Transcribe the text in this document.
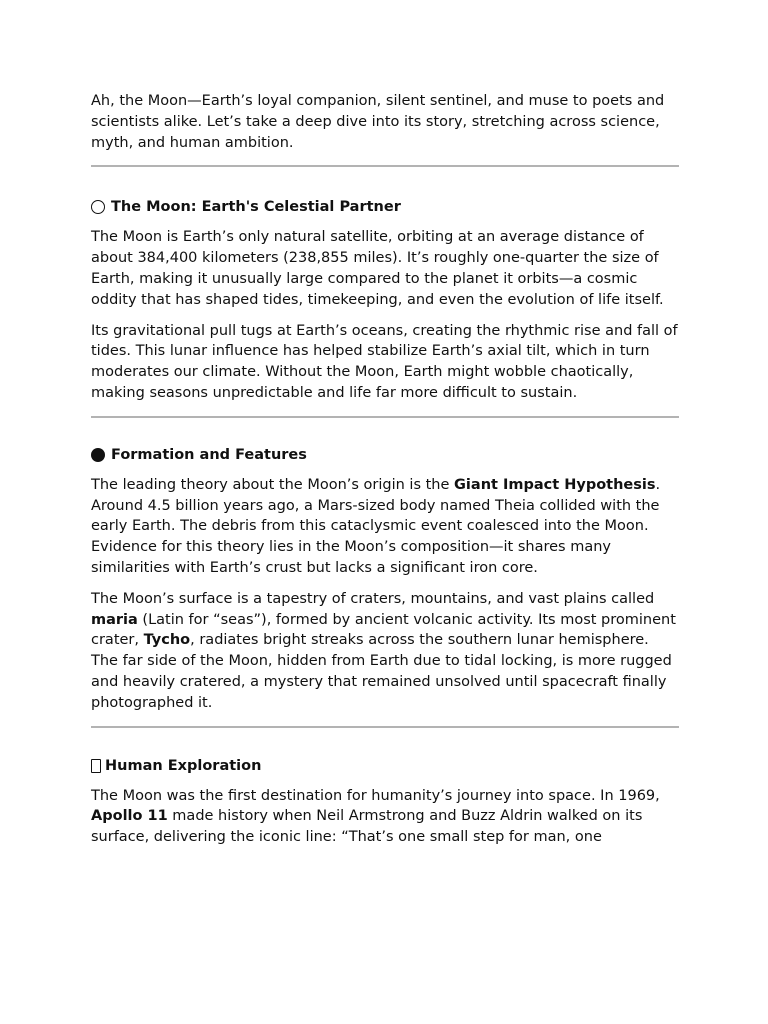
Ah, the Moon—Earth’s loyal companion, silent sentinel, and muse to poets and scientists alike. Let’s take a deep dive into its story, stretching across science, myth, and human ambition.

The Moon: Earth's Celestial Partner

The Moon is Earth’s only natural satellite, orbiting at an average distance of about 384,400 kilometers (238,855 miles). It’s roughly one-quarter the size of Earth, making it unusually large compared to the planet it orbits—a cosmic oddity that has shaped tides, timekeeping, and even the evolution of life itself.

Its gravitational pull tugs at Earth’s oceans, creating the rhythmic rise and fall of tides. This lunar influence has helped stabilize Earth’s axial tilt, which in turn moderates our climate. Without the Moon, Earth might wobble chaotically, making seasons unpredictable and life far more difficult to sustain.

Formation and Features

The leading theory about the Moon’s origin is the Giant Impact Hypothesis. Around 4.5 billion years ago, a Mars-sized body named Theia collided with the early Earth. The debris from this cataclysmic event coalesced into the Moon. Evidence for this theory lies in the Moon’s composition—it shares many similarities with Earth’s crust but lacks a significant iron core.

The Moon’s surface is a tapestry of craters, mountains, and vast plains called maria (Latin for “seas”), formed by ancient volcanic activity. Its most prominent crater, Tycho, radiates bright streaks across the southern lunar hemisphere. The far side of the Moon, hidden from Earth due to tidal locking, is more rugged and heavily cratered, a mystery that remained unsolved until spacecraft finally photographed it.

Human Exploration

The Moon was the first destination for humanity’s journey into space. In 1969, Apollo 11 made history when Neil Armstrong and Buzz Aldrin walked on its surface, delivering the iconic line: “That’s one small step for man, one
